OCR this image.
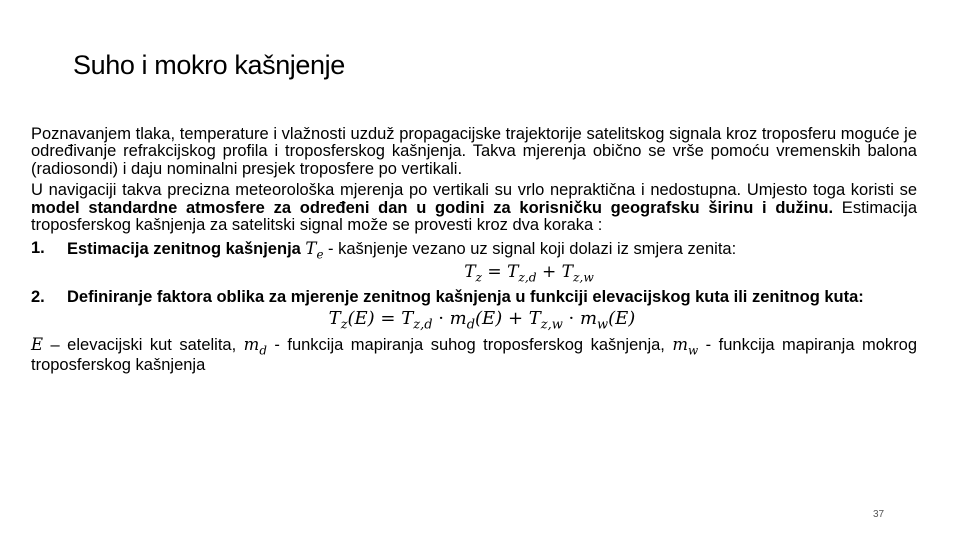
Suho i mokro kašnjenje

Poznavanjem tlaka, temperature i vlažnosti uzduž propagacijske trajektorije satelitskog signala kroz troposferu moguće je određivanje refrakcijskog profila i troposferskog kašnjenja. Takva mjerenja obično se vrše pomoću vremenskih balona (radiosondi) i daju nominalni presjek troposfere po vertikali.

U navigaciji takva precizna meteorološka mjerenja po vertikali su vrlo nepraktična i nedostupna. Umjesto toga koristi se model standardne atmosfere za određeni dan u godini za korisničku geografsku širinu i dužinu. Estimacija troposferskog kašnjenja za satelitski signal može se provesti kroz dva koraka :

1.	Estimacija zenitnog kašnjenja $T_e$ - kašnjenje vezano uz signal koji dolazi iz smjera zenita:
$T_z = T_{z,d} + T_{z,w}$
2.	Definiranje faktora oblika za mjerenje zenitnog kašnjenja u funkciji elevacijskog kuta ili zenitnog kuta:
$T_z(E) = T_{z,d} \cdot m_d(E) + T_{z,w} \cdot m_w(E)$

E – elevacijski kut satelita, $m_d$ - funkcija mapiranja suhog troposferskog kašnjenja, $m_w$ - funkcija mapiranja mokrog troposferskog kašnjenja

37
